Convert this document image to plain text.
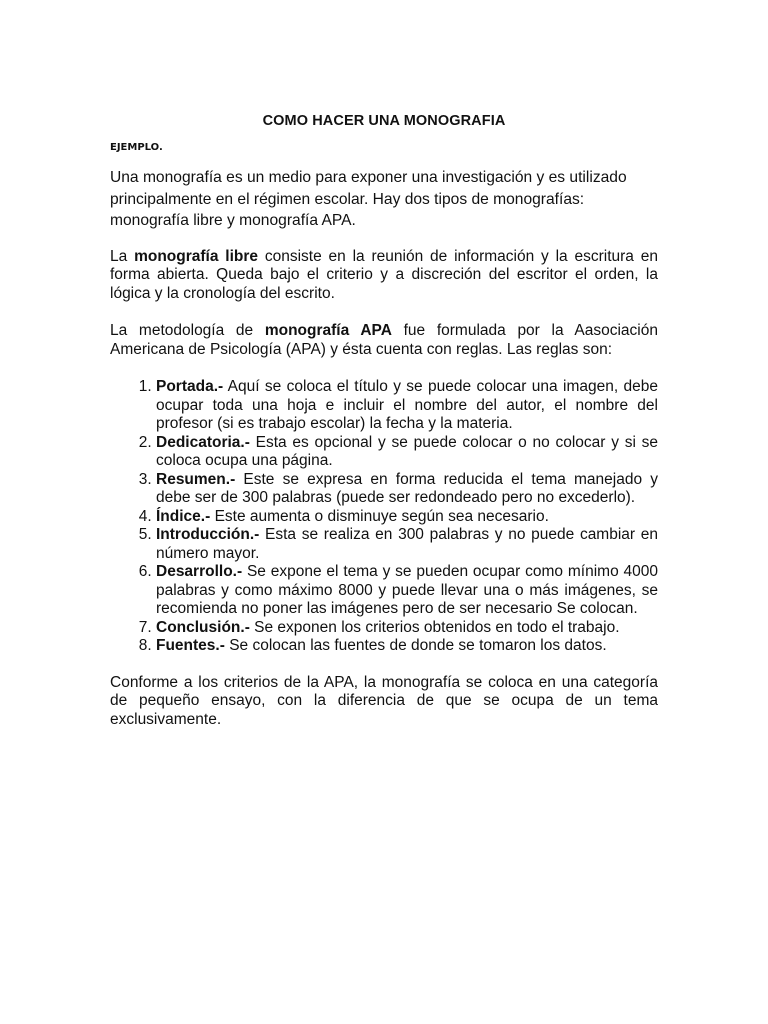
COMO HACER UNA MONOGRAFIA
EJEMPLO.

Una monografía es un medio para exponer una investigación y es utilizado principalmente en el régimen escolar. Hay dos tipos de monografías: monografía libre y monografía APA.

La monografía libre consiste en la reunión de información y la escritura en forma abierta. Queda bajo el criterio y a discreción del escritor el orden, la lógica y la cronología del escrito.

La metodología de monografía APA fue formulada por la Aasociación Americana de Psicología (APA) y ésta cuenta con reglas. Las reglas son:

1. Portada.- Aquí se coloca el título y se puede colocar una imagen, debe ocupar toda una hoja e incluir el nombre del autor, el nombre del profesor (si es trabajo escolar) la fecha y la materia.
2. Dedicatoria.- Esta es opcional y se puede colocar o no colocar y si se coloca ocupa una página.
3. Resumen.- Este se expresa en forma reducida el tema manejado y debe ser de 300 palabras (puede ser redondeado pero no excederlo).
4. Índice.- Este aumenta o disminuye según sea necesario.
5. Introducción.- Esta se realiza en 300 palabras y no puede cambiar en número mayor.
6. Desarrollo.- Se expone el tema y se pueden ocupar como mínimo 4000 palabras y como máximo 8000 y puede llevar una o más imágenes, se recomienda no poner las imágenes pero de ser necesario Se colocan.
7. Conclusión.- Se exponen los criterios obtenidos en todo el trabajo.
8. Fuentes.- Se colocan las fuentes de donde se tomaron los datos.

Conforme a los criterios de la APA, la monografía se coloca en una categoría de pequeño ensayo, con la diferencia de que se ocupa de un tema exclusivamente.
